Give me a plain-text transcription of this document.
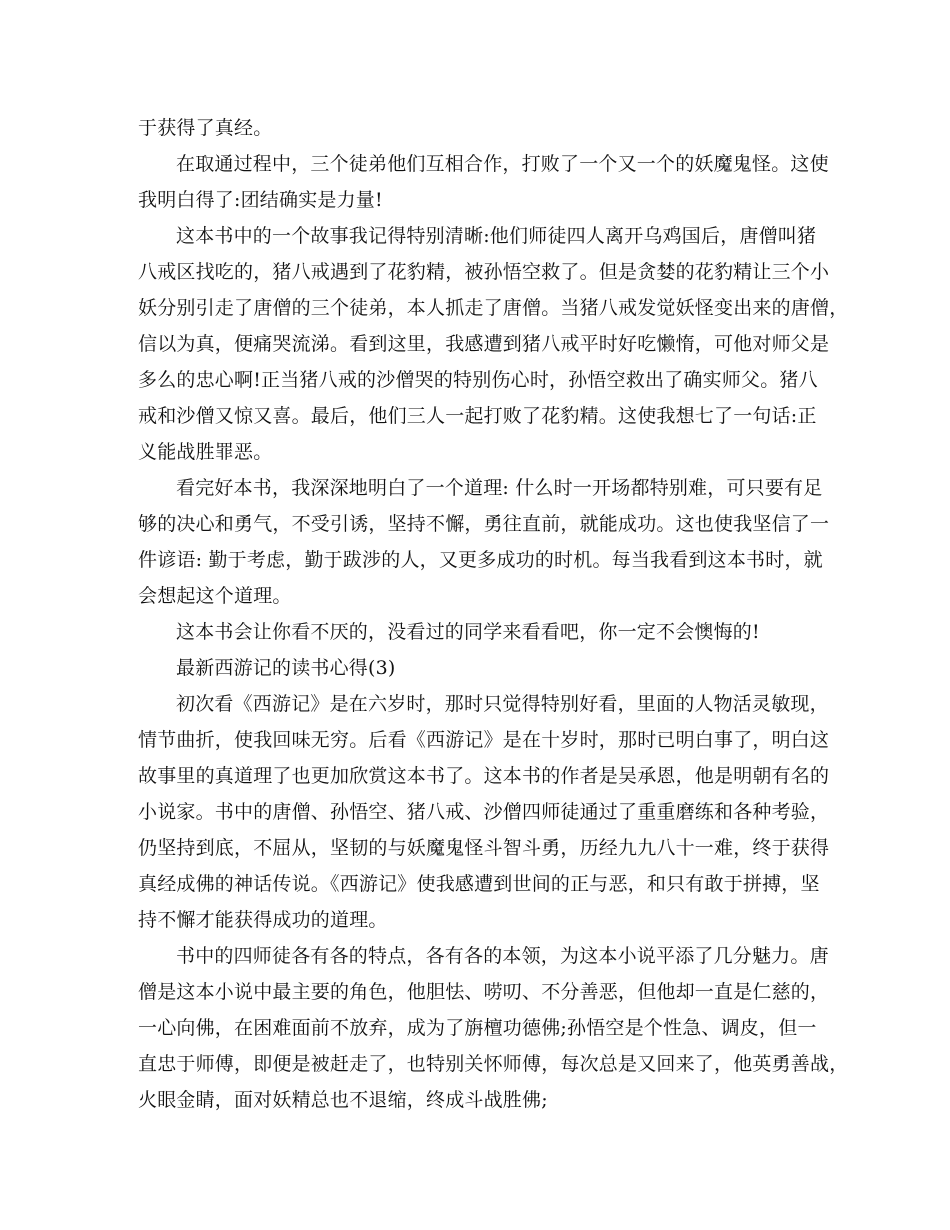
于获得了真经。
在取通过程中，三个徒弟他们互相合作，打败了一个又一个的妖魔鬼怪。这使
我明白得了:团结确实是力量!
这本书中的一个故事我记得特别清晰:他们师徒四人离开乌鸡国后，唐僧叫猪
八戒区找吃的，猪八戒遇到了花豹精，被孙悟空救了。但是贪婪的花豹精让三个小
妖分别引走了唐僧的三个徒弟，本人抓走了唐僧。当猪八戒发觉妖怪变出来的唐僧，
信以为真，便痛哭流涕。看到这里，我感遭到猪八戒平时好吃懒惰，可他对师父是
多么的忠心啊!正当猪八戒的沙僧哭的特别伤心时，孙悟空救出了确实师父。猪八
戒和沙僧又惊又喜。最后，他们三人一起打败了花豹精。这使我想七了一句话:正
义能战胜罪恶。
看完好本书，我深深地明白了一个道理: 什么时一开场都特别难，可只要有足
够的决心和勇气，不受引诱，坚持不懈，勇往直前，就能成功。这也使我坚信了一
件谚语: 勤于考虑，勤于跋涉的人，又更多成功的时机。每当我看到这本书时，就
会想起这个道理。
这本书会让你看不厌的，没看过的同学来看看吧，你一定不会懊悔的!
最新西游记的读书心得(3)
初次看《西游记》是在六岁时，那时只觉得特别好看，里面的人物活灵敏现，
情节曲折，使我回味无穷。后看《西游记》是在十岁时，那时已明白事了，明白这
故事里的真道理了也更加欣赏这本书了。这本书的作者是吴承恩，他是明朝有名的
小说家。书中的唐僧、孙悟空、猪八戒、沙僧四师徒通过了重重磨练和各种考验，
仍坚持到底，不屈从，坚韧的与妖魔鬼怪斗智斗勇，历经九九八十一难，终于获得
真经成佛的神话传说。《西游记》使我感遭到世间的正与恶，和只有敢于拼搏，坚
持不懈才能获得成功的道理。
书中的四师徒各有各的特点，各有各的本领，为这本小说平添了几分魅力。唐
僧是这本小说中最主要的角色，他胆怯、唠叨、不分善恶，但他却一直是仁慈的，
一心向佛，在困难面前不放弃，成为了旃檀功德佛;孙悟空是个性急、调皮，但一
直忠于师傅，即便是被赶走了，也特别关怀师傅，每次总是又回来了，他英勇善战，
火眼金睛，面对妖精总也不退缩，终成斗战胜佛;
